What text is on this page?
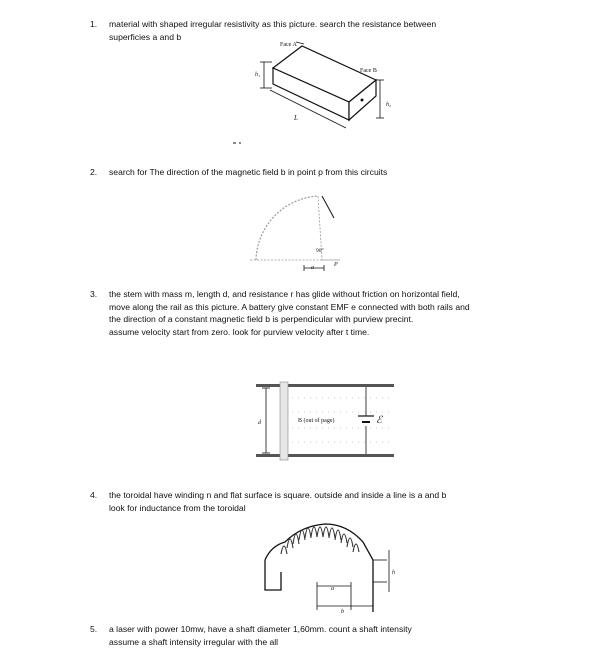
1.	material with shaped irregular resistivity as this picture. search the resistance between
superficies a and b
Face A
Face B
h₁
h₂
L
2.	search for The direction of the magnetic field b in point p from this circuits
90°
P
a
3.	the stem with mass m, length d, and resistance r has glide without friction on horizontal field,
move along the rail as this picture. A battery give constant EMF e connected with both rails and
the direction of a constant magnetic field b is perpendicular with purview precint.
assume velocity start from zero. look for purview velocity after t time.
d	B (out of page)	ℰ
4.	the toroidal have winding n and flat surface is square. outside and inside a line is a and b
look for inductance from the toroidal
a
h
b
5.	a laser with power 10mw, have a shaft diameter 1,60mm. count a shaft intensity
assume a shaft intensity irregular with the all
